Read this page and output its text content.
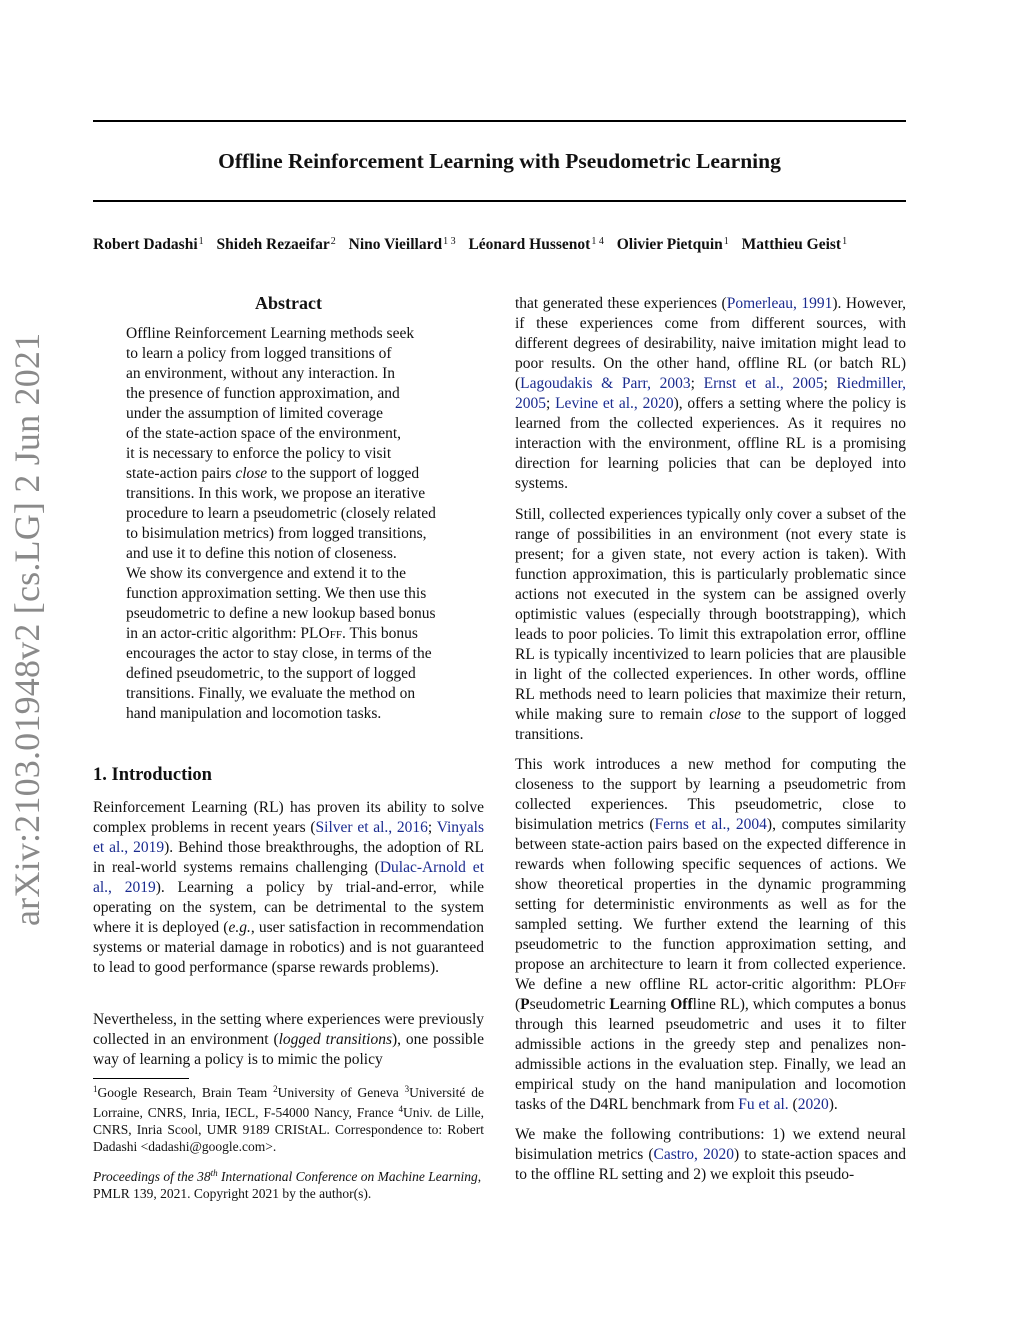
arXiv:2103.01948v2 [cs.LG] 2 Jun 2021
Offline Reinforcement Learning with Pseudometric Learning
Robert Dadashi$^1$ Shideh Rezaeifar$^2$ Nino Vieillard$^{1 3}$ Léonard Hussenot$^{1 4}$ Olivier Pietquin$^1$ Matthieu Geist$^1$
Abstract
Offline Reinforcement Learning methods seek
to learn a policy from logged transitions of
an environment, without any interaction. In
the presence of function approximation, and
under the assumption of limited coverage
of the state-action space of the environment,
it is necessary to enforce the policy to visit
state-action pairs close to the support of logged
transitions. In this work, we propose an iterative
procedure to learn a pseudometric (closely related
to bisimulation metrics) from logged transitions,
and use it to define this notion of closeness.
We show its convergence and extend it to the
function approximation setting. We then use this
pseudometric to define a new lookup based bonus
in an actor-critic algorithm: PLOff. This bonus
encourages the actor to stay close, in terms of the
defined pseudometric, to the support of logged
transitions. Finally, we evaluate the method on
hand manipulation and locomotion tasks.
1. Introduction
Reinforcement Learning (RL) has proven its ability to solve complex problems in recent years (Silver et al., 2016; Vinyals et al., 2019). Behind those breakthroughs, the adoption of RL in real-world systems remains challenging (Dulac-Arnold et al., 2019). Learning a policy by trial-and-error, while operating on the system, can be detrimental to the system where it is deployed (e.g., user satisfaction in recommendation systems or material damage in robotics) and is not guaranteed to lead to good performance (sparse rewards problems).
Nevertheless, in the setting where experiences were previously collected in an environment (logged transitions), one possible way of learning a policy is to mimic the policy
$^1$Google Research, Brain Team $^2$University of Geneva $^3$Université de Lorraine, CNRS, Inria, IECL, F-54000 Nancy, France $^4$Univ. de Lille, CNRS, Inria Scool, UMR 9189 CRIStAL. Correspondence to: Robert Dadashi <dadashi@google.com>.
Proceedings of the 38th International Conference on Machine Learning, PMLR 139, 2021. Copyright 2021 by the author(s).
that generated these experiences (Pomerleau, 1991). However, if these experiences come from different sources, with different degrees of desirability, naive imitation might lead to poor results. On the other hand, offline RL (or batch RL) (Lagoudakis & Parr, 2003; Ernst et al., 2005; Riedmiller, 2005; Levine et al., 2020), offers a setting where the policy is learned from the collected experiences. As it requires no interaction with the environment, offline RL is a promising direction for learning policies that can be deployed into systems.
Still, collected experiences typically only cover a subset of the range of possibilities in an environment (not every state is present; for a given state, not every action is taken). With function approximation, this is particularly problematic since actions not executed in the system can be assigned overly optimistic values (especially through bootstrapping), which leads to poor policies. To limit this extrapolation error, offline RL is typically incentivized to learn policies that are plausible in light of the collected experiences. In other words, offline RL methods need to learn policies that maximize their return, while making sure to remain close to the support of logged transitions.
This work introduces a new method for computing the closeness to the support by learning a pseudometric from collected experiences. This pseudometric, close to bisimulation metrics (Ferns et al., 2004), computes similarity between state-action pairs based on the expected difference in rewards when following specific sequences of actions. We show theoretical properties in the dynamic programming setting for deterministic environments as well as for the sampled setting. We further extend the learning of this pseudometric to the function approximation setting, and propose an architecture to learn it from collected experience. We define a new offline RL actor-critic algorithm: PLOff (Pseudometric Learning Offline RL), which computes a bonus through this learned pseudometric and uses it to filter admissible actions in the greedy step and penalizes non-admissible actions in the evaluation step. Finally, we lead an empirical study on the hand manipulation and locomotion tasks of the D4RL benchmark from Fu et al. (2020).
We make the following contributions: 1) we extend neural bisimulation metrics (Castro, 2020) to state-action spaces and to the offline RL setting and 2) we exploit this pseudo-
